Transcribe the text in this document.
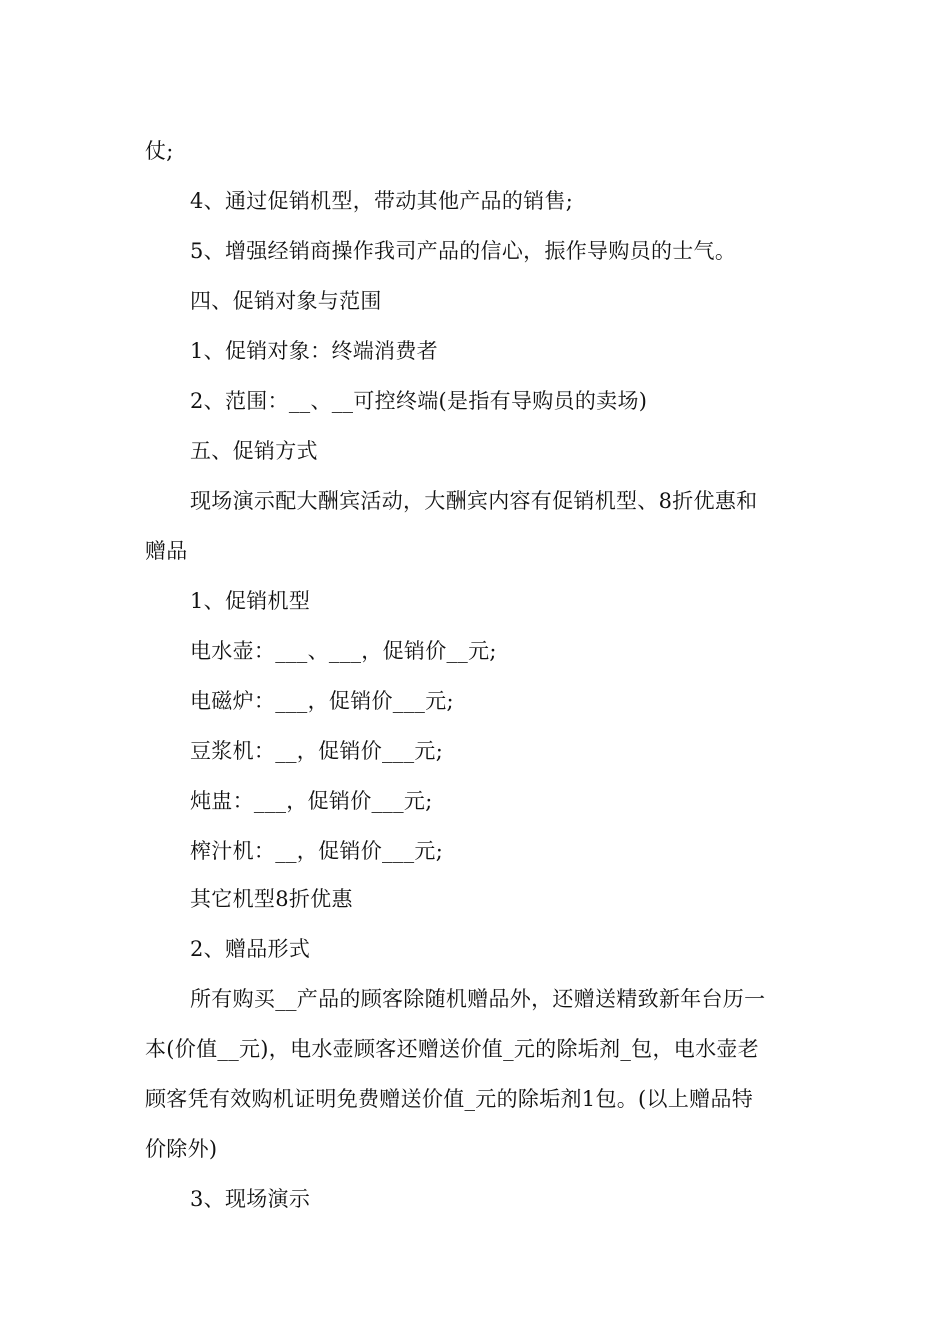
仗;
4、通过促销机型，带动其他产品的销售;
5、增强经销商操作我司产品的信心，振作导购员的士气。
四、促销对象与范围
1、促销对象：终端消费者
2、范围：__、__可控终端(是指有导购员的卖场)
五、促销方式
现场演示配大酬宾活动，大酬宾内容有促销机型、8折优惠和
赠品
1、促销机型
电水壶：___、___，促销价__元;
电磁炉：___，促销价___元;
豆浆机：__，促销价___元;
炖盅：___，促销价___元;
榨汁机：__，促销价___元;
其它机型8折优惠
2、赠品形式
所有购买__产品的顾客除随机赠品外，还赠送精致新年台历一
本(价值__元)，电水壶顾客还赠送价值_元的除垢剂_包，电水壶老
顾客凭有效购机证明免费赠送价值_元的除垢剂1包。(以上赠品特
价除外)
3、现场演示
